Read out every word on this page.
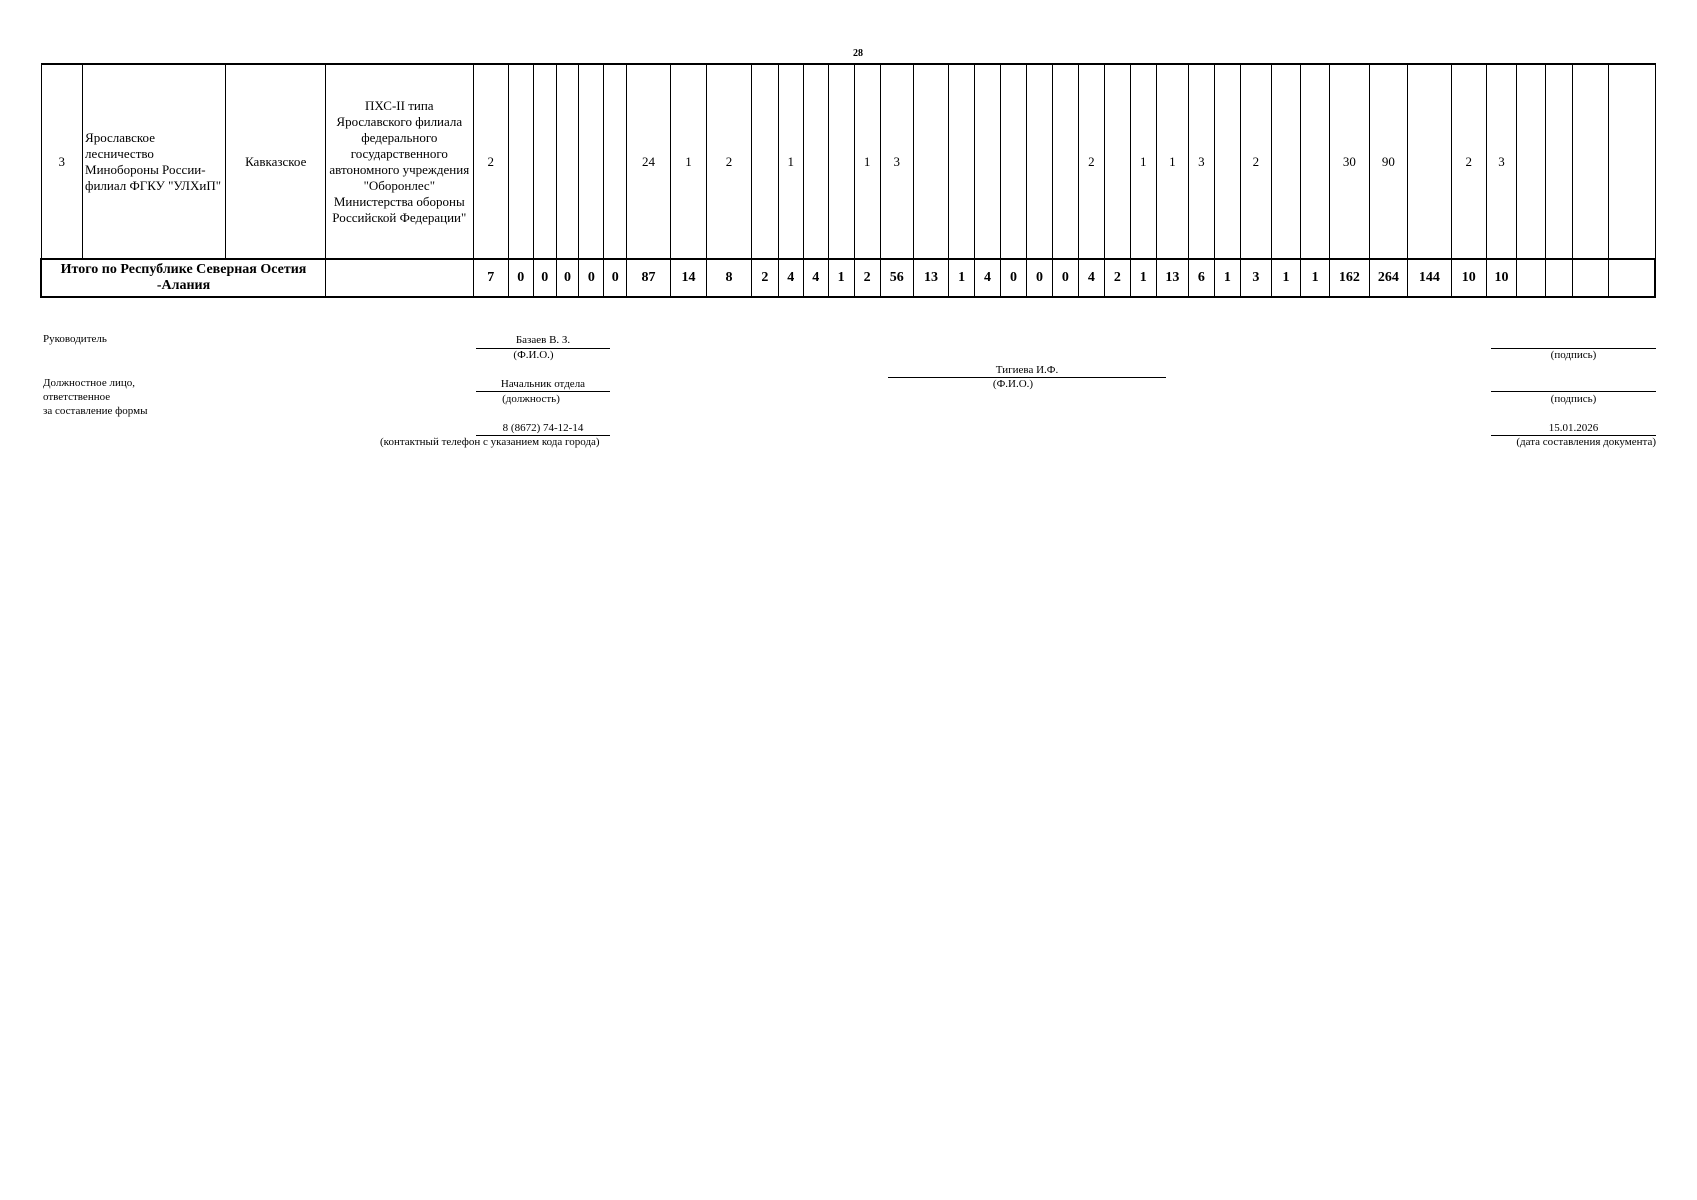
28
3	Ярославское лесничество Минобороны России- филиал ФГКУ "УЛХиП"	Кавказское	ПХС-II типа Ярославского филиала федерального государственного автономного учреждения "Оборонлес" Министерства обороны Российской Федерации"	2						24	1	2		1			1	3							2		1	1	3		2			30	90		2	3				
Итого по Республике Северная Осетия -Алания				7	0	0	0	0	0	87	14	8	2	4	4	1	2	56	13	1	4	0	0	0	4	2	1	13	6	1	3	1	1	162	264	144	10	10				
Руководитель	Базаев В. З.
(Ф.И.О.)	(подпись)
Тигиева И.Ф.
(Ф.И.О.)
Должностное лицо,
ответственное
за составление формы
Начальник отдела
(должность)	(подпись)
8 (8672) 74-12-14
(контактный телефон с указанием кода города)
15.01.2026
(дата составления документа)
